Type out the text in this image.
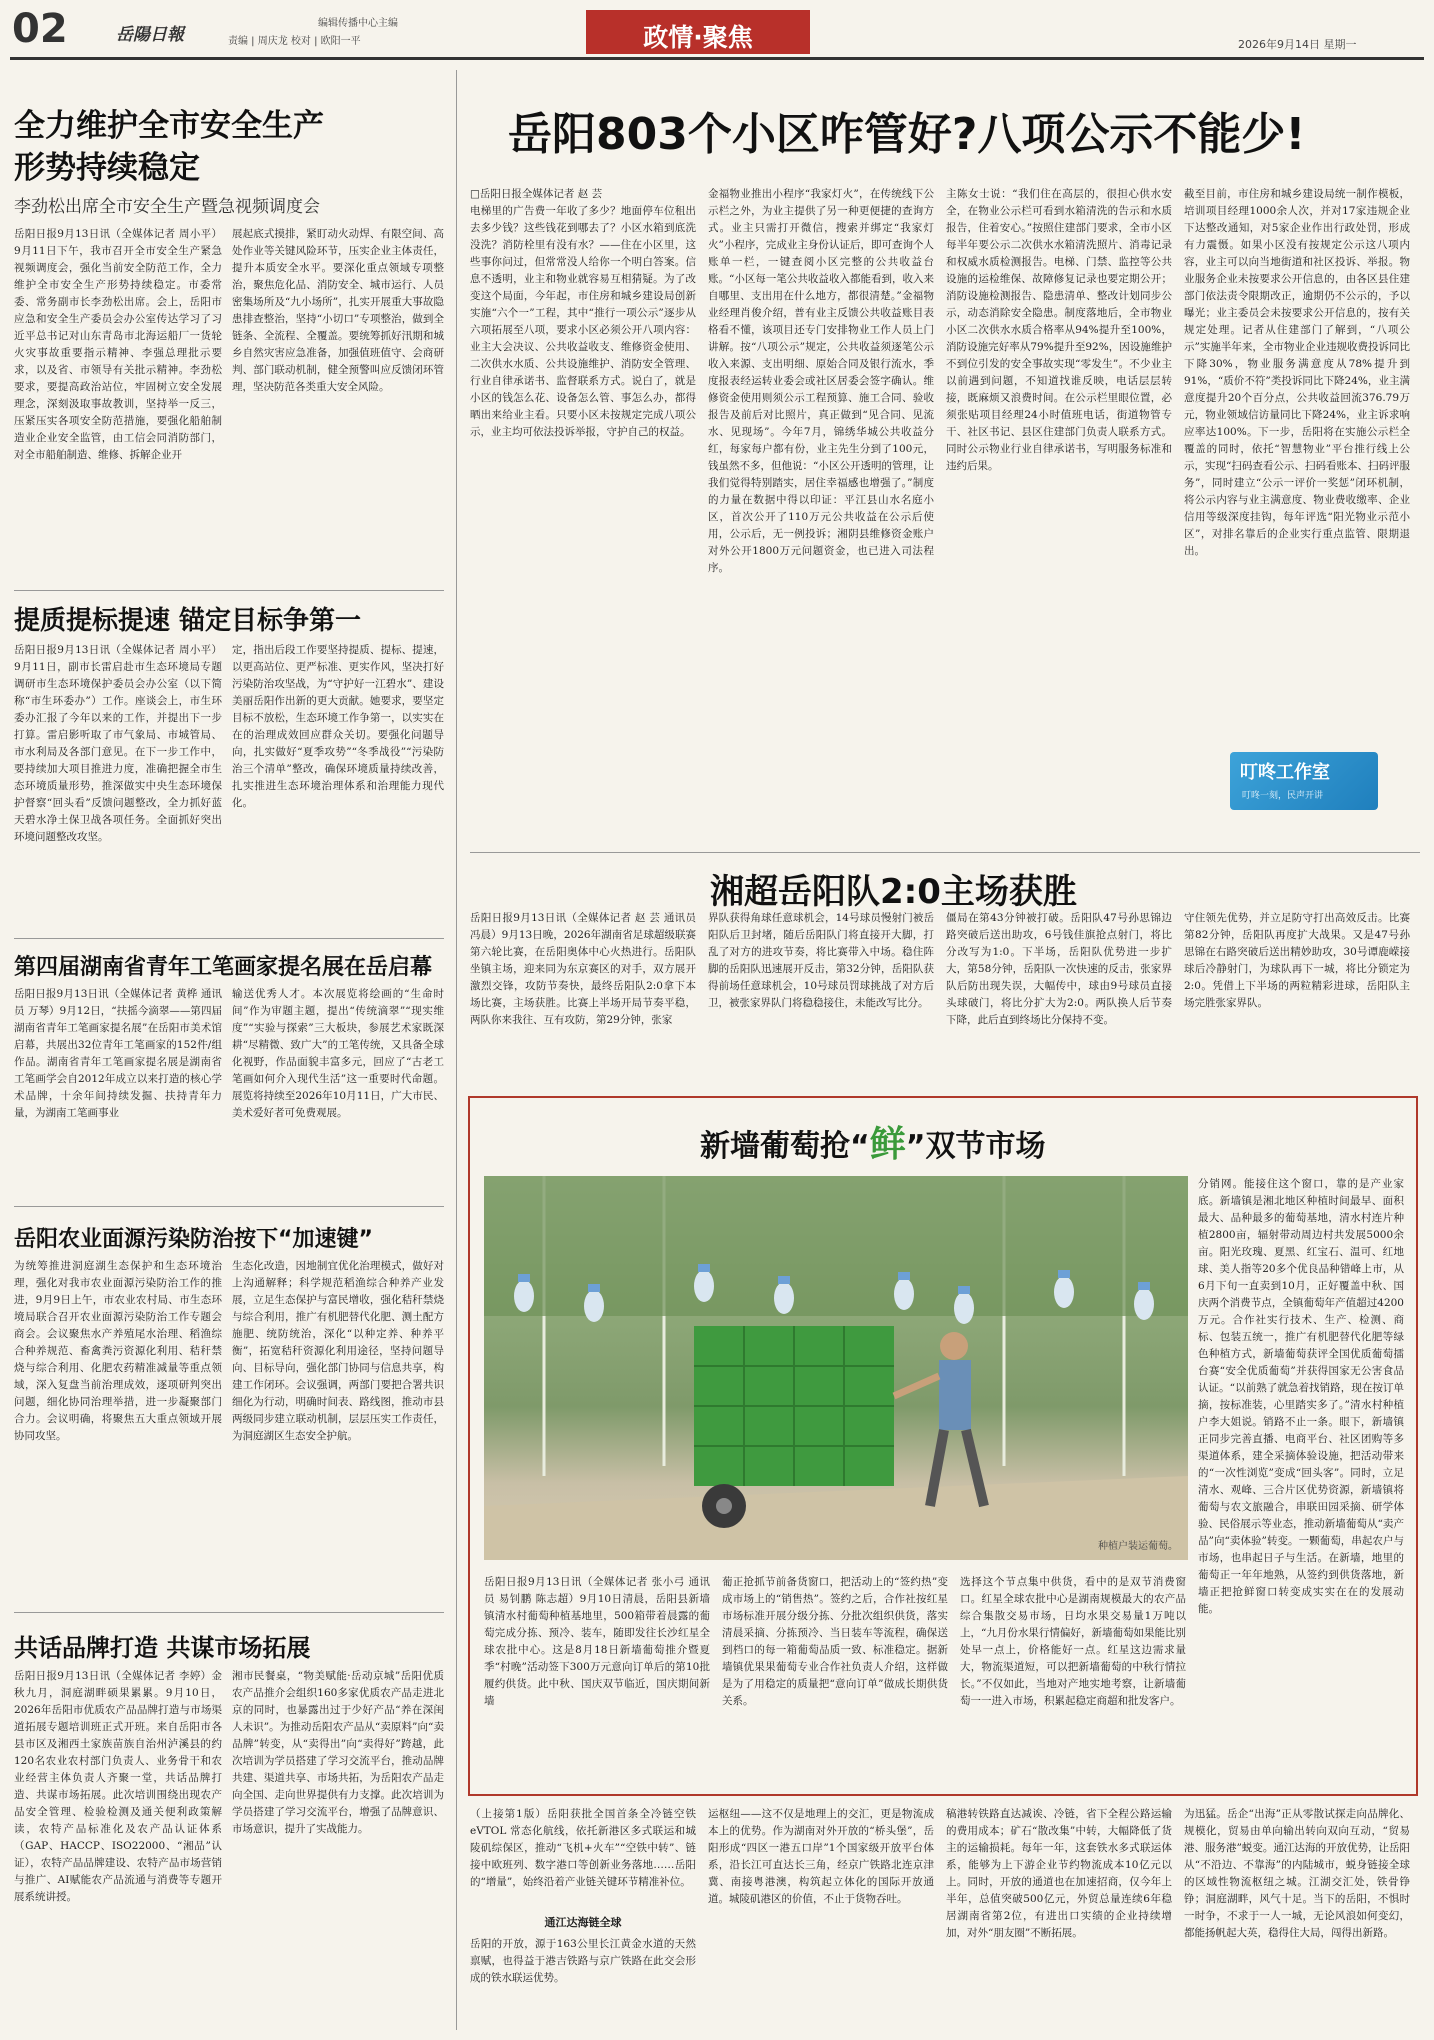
02	岳陽日報
编辑传播中心主编
责编 | 周庆龙 校对 | 欧阳一平	政情·聚焦	2026年9月14日 星期一
全力维护全市安全生产
形势持续稳定
李劲松出席全市安全生产暨急视频调度会

岳阳日报9月13日讯（全媒体记者 周小平）9月11日下午，我市召开全市安全生产紧急视频调度会，强化当前安全防范工作，全力维护全市安全生产形势持续稳定。市委常委、常务副市长李劲松出席。会上，岳阳市应急和安全生产委员会办公室传达学习了习近平总书记对山东青岛市北海运船厂一货轮火灾事故重要指示精神、李强总理批示要求，以及省、市领导有关批示精神。李劲松要求，要提高政治站位，牢固树立安全发展理念，深刻汲取事故教训，坚持举一反三，压紧压实各项安全防范措施，要强化船舶制造业企业安全监管，由工信会同消防部门，对全市船舶制造、维修、拆解企业开

展起底式摸排，紧盯动火动焊、有限空间、高处作业等关键风险环节，压实企业主体责任，提升本质安全水平。要深化重点领域专项整治，聚焦危化品、消防安全、城市运行、人员密集场所及“九小场所”，扎实开展重大事故隐患排查整治，坚持“小切口”专项整治，做到全链条、全流程、全覆盖。要统筹抓好汛期和城乡自然灾害应急准备，加强值班值守、会商研判、部门联动机制，健全预警叫应反馈闭环管理，坚决防范各类重大安全风险。

提质提标提速 锚定目标争第一

岳阳日报9月13日讯（全媒体记者 周小平）9月11日，副市长雷启赴市生态环境局专题调研市生态环境保护委员会办公室（以下简称“市生环委办”）工作。座谈会上，市生环委办汇报了今年以来的工作，并提出下一步打算。雷启影听取了市气象局、市城管局、市水利局及各部门意见。在下一步工作中，要持续加大项目推进力度，准确把握全市生态环境质量形势，推深做实中央生态环境保护督察“回头看”反馈问题整改，全力抓好蓝天碧水净土保卫战各项任务。全面抓好突出环境问题整改攻坚。

定，指出后段工作要坚持提质、提标、提速，以更高站位、更严标准、更实作风，坚决打好污染防治攻坚战，为“守护好一江碧水”、建设美丽岳阳作出新的更大贡献。她要求，要坚定目标不放松，生态环境工作争第一，以实实在在的治理成效回应群众关切。要强化问题导向，扎实做好“夏季攻势”“冬季战役”“污染防治三个清单”整改，确保环境质量持续改善，扎实推进生态环境治理体系和治理能力现代化。

第四届湖南省青年工笔画家提名展在岳启幕

岳阳日报9月13日讯（全媒体记者 黄桦 通讯员 万琴）9月12日，“扶摇今滴翠——第四届湖南省青年工笔画家提名展”在岳阳市美术馆启幕，共展出32位青年工笔画家的152件/组作品。湖南省青年工笔画家提名展是湖南省工笔画学会自2012年成立以来打造的核心学术品牌，十余年间持续发掘、扶持青年力量，为湖南工笔画事业

输送优秀人才。本次展览将绘画的“生命时间”作为审题主题，提出“传统滴翠”“现实维度”“实验与探索”三大板块，参展艺术家既深耕“尽精微、致广大”的工笔传统，又具备全球化视野，作品面貌丰富多元，回应了“古老工笔画如何介入现代生活”这一重要时代命题。展览将持续至2026年10月11日，广大市民、美术爱好者可免费观展。

岳阳农业面源污染防治按下“加速键”

为统筹推进洞庭湖生态保护和生态环境治理，强化对我市农业面源污染防治工作的推进，9月9日上午，市农业农村局、市生态环境局联合召开农业面源污染防治工作专题会商会。会议聚焦水产养殖尾水治理、稻渔综合种养规范、畜禽粪污资源化利用、秸秆禁烧与综合利用、化肥农药精准减量等重点领域，深入复盘当前治理成效，逐项研判突出问题，细化协同治理举措，进一步凝聚部门合力。会议明确，将聚焦五大重点领域开展协同攻坚。

生态化改造，因地制宜优化治理模式，做好对上沟通解释；科学规范稻渔综合种养产业发展，立足生态保护与富民增收，强化秸秆禁烧与综合利用，推广有机肥替代化肥、测土配方施肥、统防统治，深化“以种定养、种养平衡”，拓宽秸秆资源化利用途径，坚持问题导向、目标导向，强化部门协同与信息共享，构建工作闭环。会议强调，两部门要把合署共识细化为行动，明确时间表、路线图，推动市县两级同步建立联动机制，层层压实工作责任，为洞庭湖区生态安全护航。

共话品牌打造 共谋市场拓展

岳阳日报9月13日讯（全媒体记者 李婷）金秋九月，洞庭湖畔硕果累累。9月10日，2026年岳阳市优质农产品品牌打造与市场渠道拓展专题培训班正式开班。来自岳阳市各县市区及湘西土家族苗族自治州泸溪县的约120名农业农村部门负责人、业务骨干和农业经营主体负责人齐聚一堂，共话品牌打造、共谋市场拓展。此次培训围绕出现农产品安全管理、检验检测及通关便利政策解读，农特产品标准化及农产品认证体系（GAP、HACCP、ISO22000、“湘品”认证），农特产品品牌建设、农特产品市场营销与推广、AI赋能农产品流通与消费等专题开展系统讲授。

湘市民餐桌，“物美赋能·岳动京城”岳阳优质农产品推介会组织160多家优质农产品走进北京的同时，也暴露出过于少好产品“养在深闺人未识”。为推动岳阳农产品从“卖原料”向“卖品牌”转变，从“卖得出”向“卖得好”跨越，此次培训为学员搭建了学习交流平台，推动品牌共建、渠道共享、市场共拓，为岳阳农产品走向全国、走向世界提供有力支撑。此次培训为学员搭建了学习交流平台，增强了品牌意识、市场意识，提升了实战能力。

岳阳803个小区咋管好?八项公示不能少!

□岳阳日报全媒体记者 赵 芸
电梯里的广告费一年收了多少？地面停车位租出去多少钱？这些钱花到哪去了？小区水箱到底洗没洗？消防栓里有没有水？——住在小区里，这些事你问过，但常常没人给你一个明白答案。信息不透明，业主和物业就容易互相猜疑。为了改变这个局面，今年起，市住房和城乡建设局创新实施“六个一”工程，其中“推行一项公示”逐步从六项拓展至八项，要求小区必须公开八项内容：业主大会决议、公共收益收支、维修资金使用、二次供水水质、公共设施维护、消防安全管理、行业自律承诺书、监督联系方式。说白了，就是小区的钱怎么花、设备怎么管、事怎么办，都得晒出来给业主看。只要小区未按规定完成八项公示，业主均可依法投诉举报，守护自己的权益。

金福物业推出小程序“我家灯火”，在传统线下公示栏之外，为业主提供了另一种更便捷的查询方式。业主只需打开微信，搜索并绑定“我家灯火”小程序，完成业主身份认证后，即可查询个人账单一栏，一键查阅小区完整的公共收益台账。“小区每一笔公共收益收入都能看到，收入来自哪里、支出用在什么地方，都很清楚。”金福物业经理肖俊介绍，普有业主反馈公共收益账目表格看不懂，该项目还专门安排物业工作人员上门讲解。按“八项公示”规定，公共收益须逐笔公示收入来源、支出明细、原始合同及银行流水，季度报表经运转业委会或社区居委会签字确认。维修资金使用则须公示工程预算、施工合同、验收报告及前后对比照片，真正做到“见合同、见流水、见现场”。今年7月，锦绣华城公共收益分红，每家每户都有份，业主先生分到了100元，钱虽然不多，但他说：“小区公开透明的管理，让我们觉得特别踏实，居住幸福感也增强了。”制度的力量在数据中得以印证：平江县山水名庭小区，首次公开了110万元公共收益在公示后使用，公示后，无一例投诉；湘阴县维修资金账户对外公开1800万元问题资金，也已进入司法程序。

主陈女士说：“我们住在高层的，很担心供水安全，在物业公示栏可看到水箱清洗的告示和水质报告，住着安心。”按照住建部门要求，全市小区每半年要公示二次供水水箱清洗照片、消毒记录和权威水质检测报告。电梯、门禁、监控等公共设施的运检维保、故障修复记录也要定期公开；消防设施检测报告、隐患清单、整改计划同步公示，动态消除安全隐患。制度落地后，全市物业小区二次供水水质合格率从94%提升至100%，消防设施完好率从79%提升至92%，因设施维护不到位引发的安全事故实现“零发生”。不少业主以前遇到问题，不知道找谁反映，电话层层转接，既麻烦又浪费时间。在公示栏里眼位置，必须张贴项目经理24小时值班电话，街道物管专干、社区书记、县区住建部门负责人联系方式。同时公示物业行业自律承诺书，写明服务标准和违约后果。

截至目前，市住房和城乡建设局统一制作模板，培训项目经理1000余人次，并对17家违规企业下达整改通知，对5家企业作出行政处罚，形成有力震慑。如果小区没有按规定公示这八项内容，业主可以向当地街道和社区投诉、举报。物业服务企业未按要求公开信息的，由各区县住建部门依法责令限期改正，逾期仍不公示的，予以曝光；业主委员会未按要求公开信息的，按有关规定处理。记者从住建部门了解到，“八项公示”实施半年来，全市物业企业违规收费投诉同比下降30%，物业服务满意度从78%提升到91%，“质价不符”类投诉同比下降24%，业主满意度提升20个百分点，公共收益回流376.79万元，物业领域信访量同比下降24%，业主诉求响应率达100%。下一步，岳阳将在实施公示栏全覆盖的同时，依托“智慧物业”平台推行线上公示，实现“扫码查看公示、扫码看账本、扫码评服务”，同时建立“公示一评价一奖惩”闭环机制，将公示内容与业主满意度、物业费收缴率、企业信用等级深度挂钩，每年评选“阳光物业示范小区”，对排名靠后的企业实行重点监管、限期退出。

叮咚工作室
叮咚一刻，民声开讲
湘超岳阳队2:0主场获胜

岳阳日报9月13日讯（全媒体记者 赵 芸 通讯员 冯晨）9月13日晚，2026年湖南省足球超级联赛第六轮比赛，在岳阳奥体中心火热进行。岳阳队坐镇主场，迎来同为东京赛区的对手，双方展开激烈交锋，攻防节奏快，最终岳阳队2:0拿下本场比赛，主场获胜。比赛上半场开局节奏平稳，两队你来我往、互有攻防，第29分钟，张家

界队获得角球任意球机会，14号球员慢射门被岳阳队后卫封堵，随后岳阳队门将直接开大脚，打乱了对方的进攻节奏，将比赛带入中场。稳住阵脚的岳阳队迅速展开反击，第32分钟，岳阳队获得前场任意球机会，10号球员罚球挑战了对方后卫，被张家界队门将稳稳接住，未能改写比分。

僵局在第43分钟被打破。岳阳队47号孙思锦边路突破后送出助攻，6号钱佳旗抢点射门，将比分改写为1:0。下半场，岳阳队优势进一步扩大，第58分钟，岳阳队一次快速的反击，张家界队后防出现失误，大幅传中，球由9号球员直接头球破门，将比分扩大为2:0。两队换人后节奏下降，此后直到终场比分保持不变。

守住领先优势，并立足防守打出高效反击。比赛第82分钟，岳阳队再度扩大战果。又是47号孙思锦在右路突破后送出精妙助攻，30号谭鹿嵘接球后冷静射门，为球队再下一城，将比分锁定为2:0。凭借上下半场的两粒精彩进球，岳阳队主场完胜张家界队。

新墙葡萄抢“鲜”双节市场
种植户装运葡萄。

岳阳日报9月13日讯（全媒体记者 张小弓 通讯员 易钊鹏 陈志超）9月10日清晨，岳阳县新墙镇清水村葡萄种植基地里，500箱带着晨露的葡萄完成分拣、预冷、装车，随即发往长沙红星全球农批中心。这是8月18日新墙葡萄推介暨夏季“村晚”活动签下300万元意向订单后的第10批履约供货。此中秋、国庆双节临近，国庆期间新墙

葡正抢抓节前备货窗口，把活动上的“签约热”变成市场上的“销售热”。签约之后，合作社按红星市场标准开展分级分拣、分批次组织供货，落实清晨采摘、分拣预冷、当日装车等流程，确保送到档口的每一箱葡萄品质一致、标准稳定。据新墙镇优果果葡萄专业合作社负责人介绍，这样做是为了用稳定的质量把“意向订单”做成长期供货关系。

选择这个节点集中供货，看中的是双节消费窗口。红星全球农批中心是湖南规模最大的农产品综合集散交易市场，日均水果交易量1万吨以上，“九月份水果行情偏好，新墙葡萄如果能比别处早一点上，价格能好一点。红星这边需求量大，物流渠道短，可以把新墙葡萄的中秋行情拉长。”不仅如此，当地对产地实地考察，让新墙葡萄一一进入市场，积累起稳定商超和批发客户。

分销网。能接住这个窗口，靠的是产业家底。新墙镇是湘北地区种植时间最早、面积最大、品种最多的葡萄基地，清水村连片种植2800亩，辐射带动周边村共发展5000余亩。阳光玫瑰、夏黑、红宝石、温可、红地球、美人指等20多个优良品种错峰上市，从6月下旬一直卖到10月，正好覆盖中秋、国庆两个消费节点，全镇葡萄年产值超过4200万元。合作社实行技术、生产、检测、商标、包装五统一，推广有机肥替代化肥等绿色种植方式，新墙葡萄获评全国优质葡萄擂台赛“安全优质葡萄”并获得国家无公害食品认证。“以前熟了就急着找销路，现在按订单摘，按标准装，心里踏实多了。”清水村种植户李大姐说。销路不止一条。眼下，新墙镇正同步完善直播、电商平台、社区团购等多渠道体系，建全采摘体验设施，把活动带来的“一次性浏览”变成“回头客”。同时，立足清水、观峰、三合片区优势资源，新墙镇将葡萄与农文旅融合，串联田园采摘、研学体验、民俗展示等业态，推动新墙葡萄从“卖产品”向“卖体验”转变。一颗葡萄，串起农户与市场，也串起日子与生活。在新墙，地里的葡萄正一年年地熟，从签约到供货落地，新墙正把抢鲜窗口转变成实实在在的发展动能。

（上接第1版）岳阳获批全国首条全冷链空铁 eVTOL 常态化航线，依托新港区多式联运和城陵矶综保区，推动“飞机+火车”“空铁中转”、链接中欧班列、数字港口等创新业务落地……岳阳的“增量”，始终沿着产业链关键环节精准补位。

通江达海链全球

岳阳的开放，源于163公里长江黄金水道的天然禀赋，也得益于港吉铁路与京广铁路在此交会形成的铁水联运优势。

运枢纽——这不仅是地理上的交汇，更是物流成本上的优势。作为湖南对外开放的“桥头堡”，岳阳形成“四区一港五口岸”1个国家级开放平台体系，沿长江可直达长三角，经京广铁路北连京津冀、南接粤港澳，构筑起立体化的国际开放通道。城陵矶港区的价值，不止于货物吞吐。

稿港转铁路直达减诶、冷链，省下全程公路运输的费用成本；矿石“散改集”中转，大幅降低了货主的运输损耗。每年一年，这套铁水多式联运体系，能够为上下游企业节约物流成本10亿元以上。同时，开放的通道也在加速招商，仅今年上半年，总值突破500亿元，外贸总量连续6年稳居湖南省第2位，有进出口实绩的企业持续增加，对外“朋友圈”不断拓展。

为迅猛。岳企“出海”正从零散试探走向品牌化、规模化，贸易由单向输出转向双向互动，“贸易港、服务港”蜕变。通江达海的开放优势，让岳阳从“不沿边、不靠海”的内陆城市，蜕身链接全球的区域性物流枢纽之城。江湖交汇处，铁骨铮铮；洞庭湖畔，风气十足。当下的岳阳，不惧时一时争，不求于一人一城，无论风浪如何变幻，都能扬帆起大英，稳得住大局，闯得出新路。
